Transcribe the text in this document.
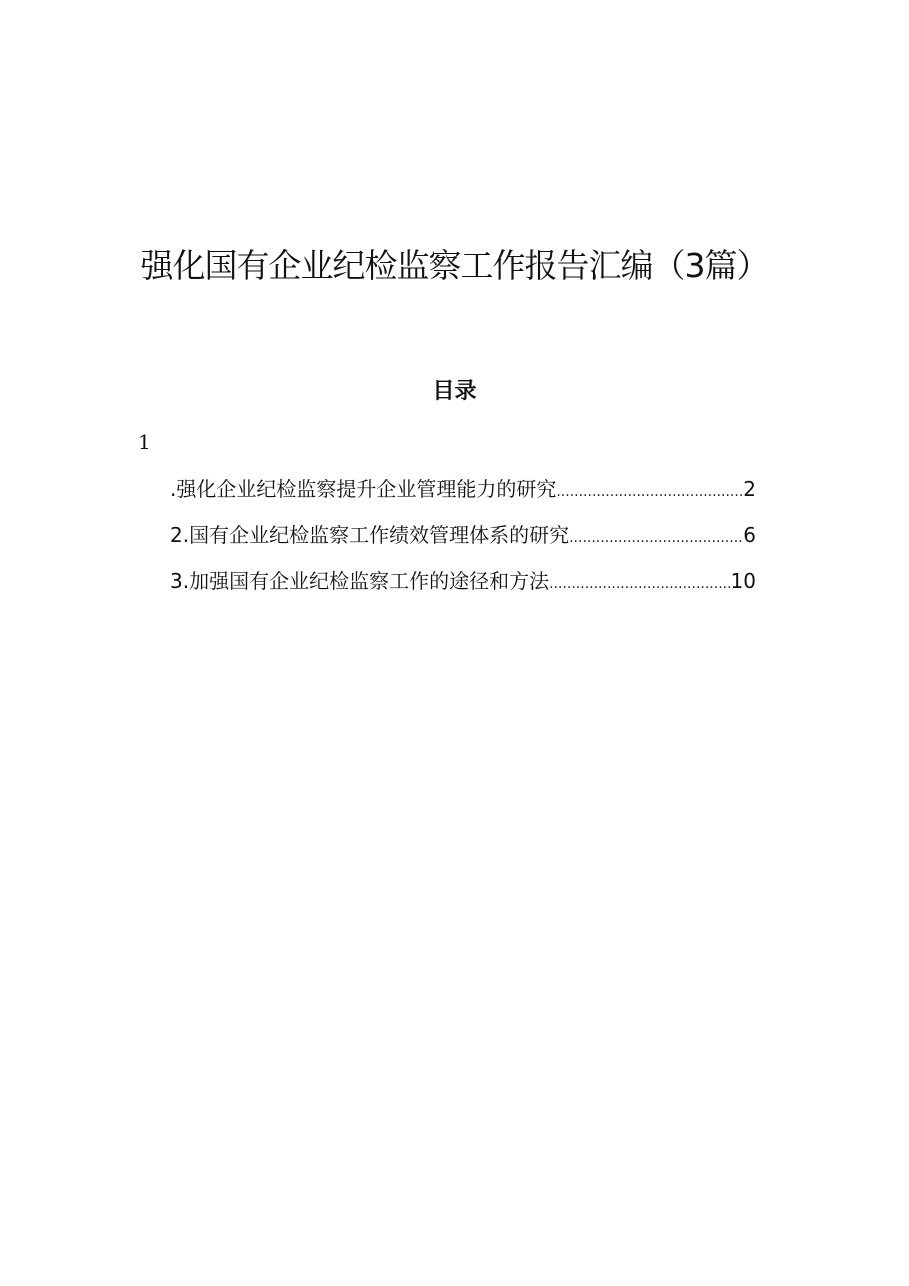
强化国有企业纪检监察工作报告汇编（3篇）
目录
1
.强化企业纪检监察提升企业管理能力的研究 .....	2
2.国有企业纪检监察工作绩效管理体系的研究 .....	6
3.加强国有企业纪检监察工作的途径和方法 .....	10
